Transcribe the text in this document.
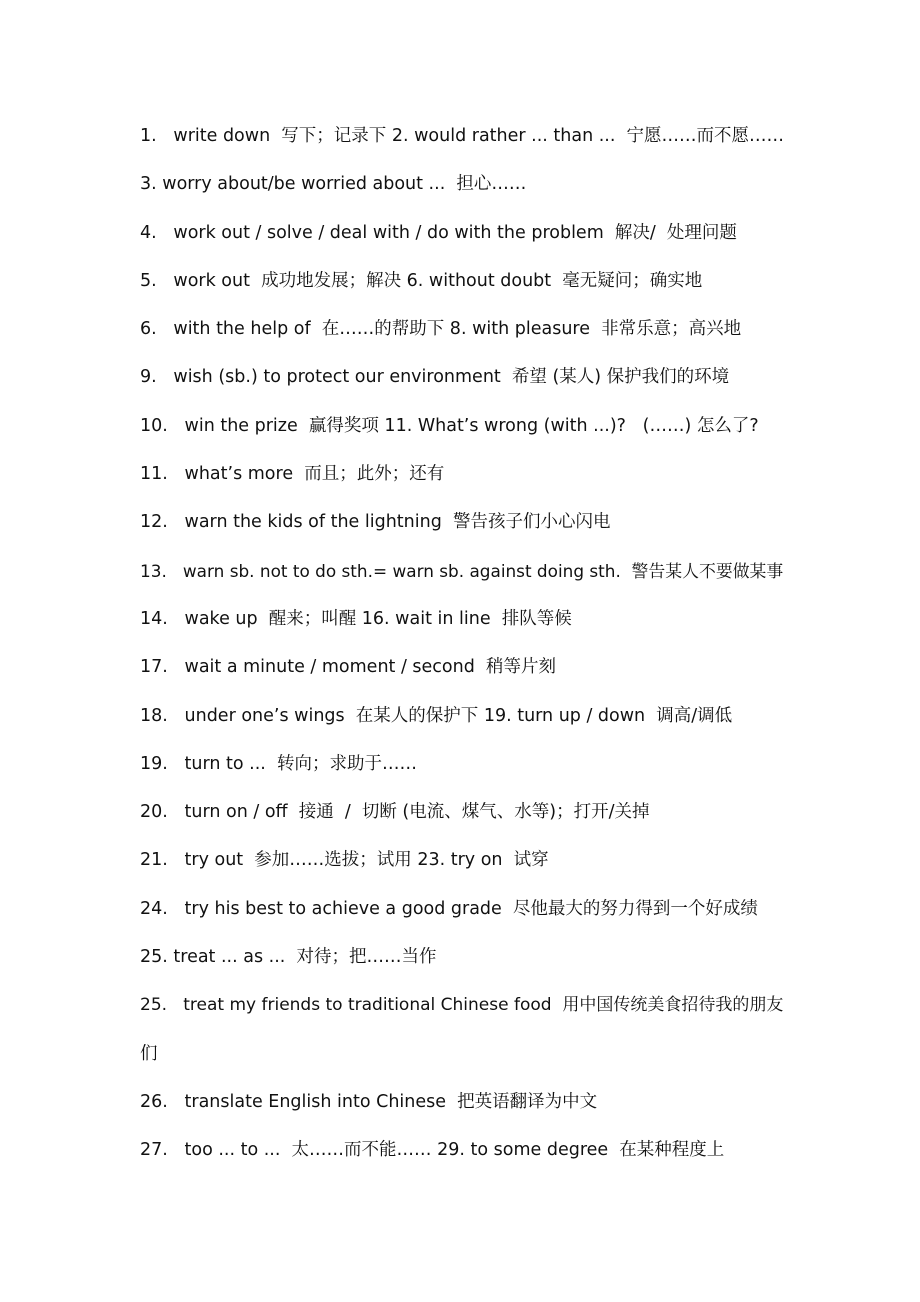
1.   write down  写下；记录下 2. would rather ... than ...  宁愿……而不愿……
3. worry about/be worried about ...  担心……
4.   work out / solve / deal with / do with the problem  解决/  处理问题
5.   work out  成功地发展；解决 6. without doubt  毫无疑问；确实地
6.   with the help of  在……的帮助下 8. with pleasure  非常乐意；高兴地
9.   wish (sb.) to protect our environment  希望 (某人) 保护我们的环境
10.   win the prize  赢得奖项 11. What’s wrong (with ...)?   (……) 怎么了?
11.   what’s more  而且；此外；还有
12.   warn the kids of the lightning  警告孩子们小心闪电
13.   warn sb. not to do sth.= warn sb. against doing sth.  警告某人不要做某事
14.   wake up  醒来；叫醒 16. wait in line  排队等候
17.   wait a minute / moment / second  稍等片刻
18.   under one’s wings  在某人的保护下 19. turn up / down  调高/调低
19.   turn to ...  转向；求助于……
20.   turn on / off  接通  /  切断 (电流、煤气、水等)；打开/关掉
21.   try out  参加……选拔；试用 23. try on  试穿
24.   try his best to achieve a good grade  尽他最大的努力得到一个好成绩
25. treat ... as ...  对待；把……当作
25.   treat my friends to traditional Chinese food  用中国传统美食招待我的朋友
们
26.   translate English into Chinese  把英语翻译为中文
27.   too ... to ...  太……而不能…… 29. to some degree  在某种程度上
